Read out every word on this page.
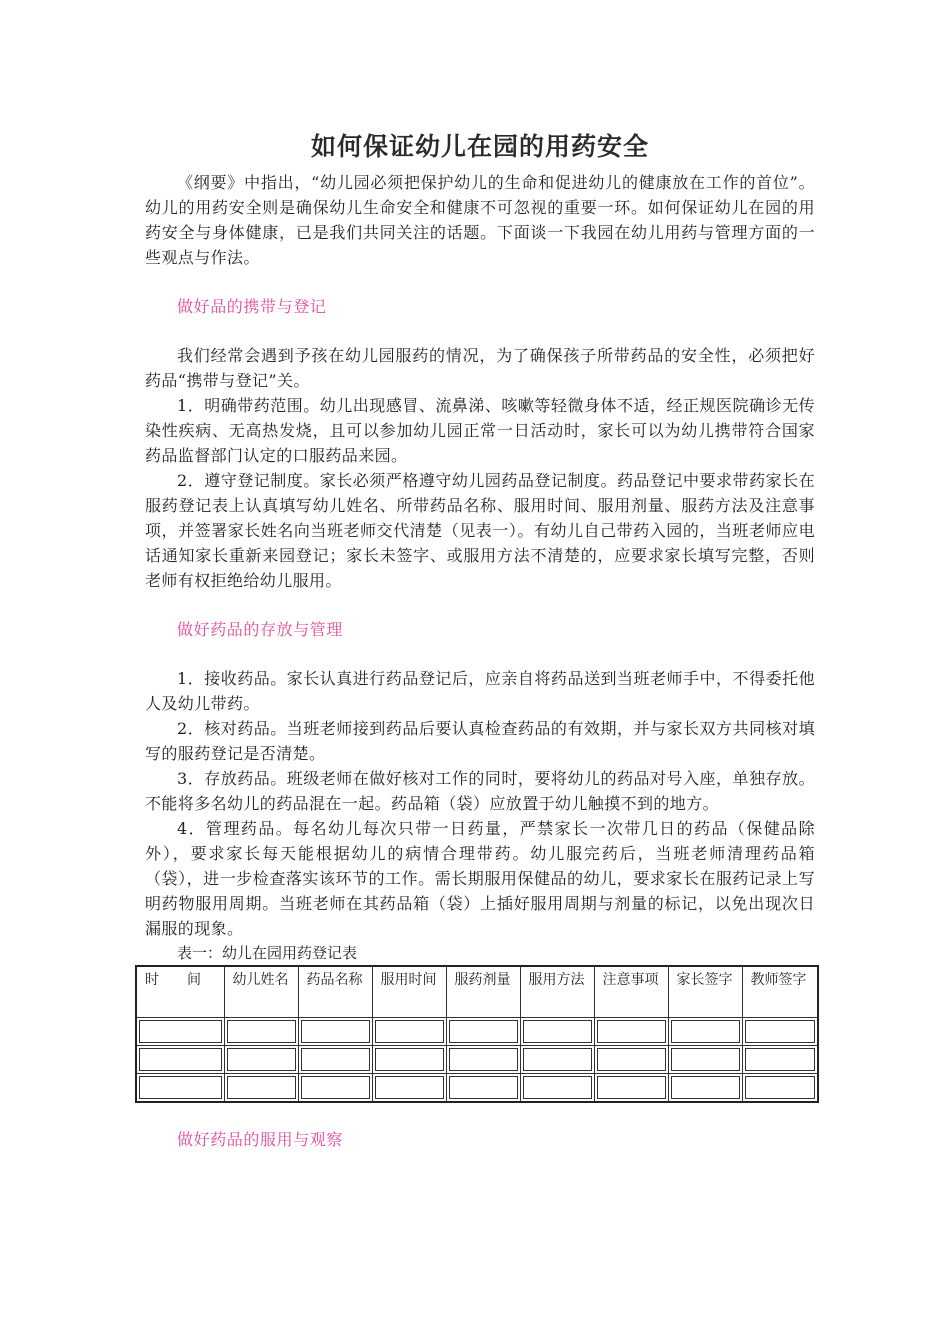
如何保证幼儿在园的用药安全

《纲要》中指出，“幼儿园必须把保护幼儿的生命和促进幼儿的健康放在工作的首位”。幼儿的用药安全则是确保幼儿生命安全和健康不可忽视的重要一环。如何保证幼儿在园的用药安全与身体健康，已是我们共同关注的话题。下面谈一下我园在幼儿用药与管理方面的一些观点与作法。

做好品的携带与登记

我们经常会遇到予孩在幼儿园服药的情况，为了确保孩子所带药品的安全性，必须把好药品“携带与登记”关。

1．明确带药范围。幼儿出现感冒、流鼻涕、咳嗽等轻微身体不适，经正规医院确诊无传染性疾病、无高热发烧，且可以参加幼儿园正常一日活动时，家长可以为幼儿携带符合国家药品监督部门认定的口服药品来园。

2．遵守登记制度。家长必须严格遵守幼儿园药品登记制度。药品登记中要求带药家长在服药登记表上认真填写幼儿姓名、所带药品名称、服用时间、服用剂量、服药方法及注意事项，并签署家长姓名向当班老师交代清楚（见表一）。有幼儿自己带药入园的，当班老师应电话通知家长重新来园登记；家长未签字、或服用方法不清楚的，应要求家长填写完整，否则老师有权拒绝给幼儿服用。

做好药品的存放与管理

1．接收药品。家长认真进行药品登记后，应亲自将药品送到当班老师手中，不得委托他人及幼儿带药。

2．核对药品。当班老师接到药品后要认真检查药品的有效期，并与家长双方共同核对填写的服药登记是否清楚。

3．存放药品。班级老师在做好核对工作的同时，要将幼儿的药品对号入座，单独存放。不能将多名幼儿的药品混在一起。药品箱（袋）应放置于幼儿触摸不到的地方。

4．管理药品。每名幼儿每次只带一日药量，严禁家长一次带几日的药品（保健品除外），要求家长每天能根据幼儿的病情合理带药。幼儿服完药后，当班老师清理药品箱（袋），进一步检查落实该环节的工作。需长期服用保健品的幼儿，要求家长在服药记录上写明药物服用周期。当班老师在其药品箱（袋）上插好服用周期与剂量的标记，以免出现次日漏服的现象。

表一：幼儿在园用药登记表
时　　间	幼儿姓名	药品名称	服用时间	服药剂量	服用方法	注意事项	家长签字	教师签字

做好药品的服用与观察
